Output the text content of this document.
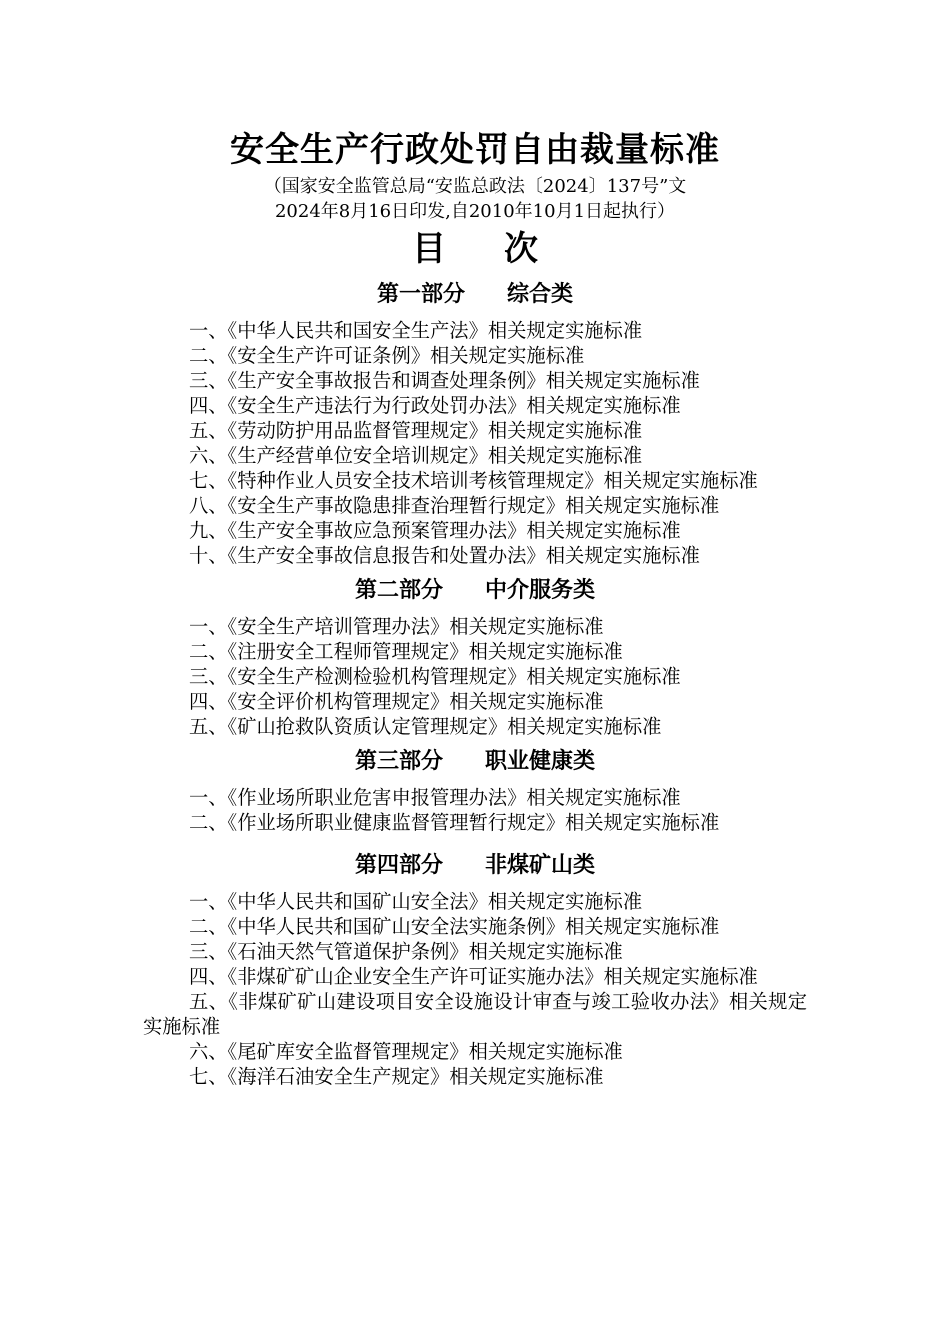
安全生产行政处罚自由裁量标准

（国家安全监管总局“安监总政法〔2024〕137号”文

2024年8月16日印发,自2010年10月1日起执行）

目次
第一部分 综合类

一、《中华人民共和国安全生产法》相关规定实施标准

二、《安全生产许可证条例》相关规定实施标准

三、《生产安全事故报告和调查处理条例》相关规定实施标准

四、《安全生产违法行为行政处罚办法》相关规定实施标准

五、《劳动防护用品监督管理规定》相关规定实施标准

六、《生产经营单位安全培训规定》相关规定实施标准

七、《特种作业人员安全技术培训考核管理规定》相关规定实施标准

八、《安全生产事故隐患排查治理暂行规定》相关规定实施标准

九、《生产安全事故应急预案管理办法》相关规定实施标准

十、《生产安全事故信息报告和处置办法》相关规定实施标准

第二部分 中介服务类

一、《安全生产培训管理办法》相关规定实施标准

二、《注册安全工程师管理规定》相关规定实施标准

三、《安全生产检测检验机构管理规定》相关规定实施标准

四、《安全评价机构管理规定》相关规定实施标准

五、《矿山抢救队资质认定管理规定》相关规定实施标准

第三部分 职业健康类

一、《作业场所职业危害申报管理办法》相关规定实施标准

二、《作业场所职业健康监督管理暂行规定》相关规定实施标准

第四部分 非煤矿山类

一、《中华人民共和国矿山安全法》相关规定实施标准

二、《中华人民共和国矿山安全法实施条例》相关规定实施标准

三、《石油天然气管道保护条例》相关规定实施标准

四、《非煤矿矿山企业安全生产许可证实施办法》相关规定实施标准

五、《非煤矿矿山建设项目安全设施设计审查与竣工验收办法》相关规定实施标准

六、《尾矿库安全监督管理规定》相关规定实施标准

七、《海洋石油安全生产规定》相关规定实施标准
